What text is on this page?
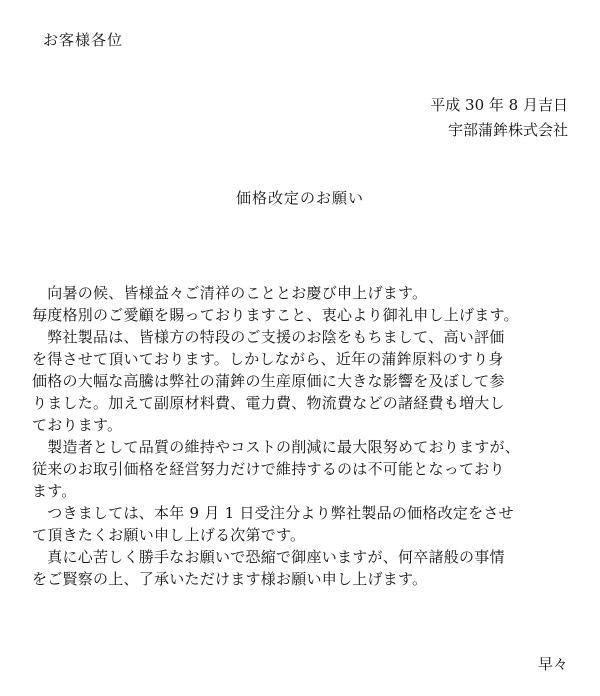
お客様各位
平成 30 年 8 月吉日
宇部蒲鉾株式会社
価格改定のお願い
　向暑の候、皆様益々ご清祥のこととお慶び申上げます。
毎度格別のご愛顧を賜っておりますこと、衷心より御礼申し上げます。
　弊社製品は、皆様方の特段のご支援のお陰をもちまして、高い評価
を得させて頂いております。しかしながら、近年の蒲鉾原料のすり身
価格の大幅な高騰は弊社の蒲鉾の生産原価に大きな影響を及ぼして参
りました。加えて副原材料費、電力費、物流費などの諸経費も増大し
ております。
　製造者として品質の維持やコストの削減に最大限努めておりますが、
従来のお取引価格を経営努力だけで維持するのは不可能となっており
ます。
　つきましては、本年 9 月 1 日受注分より弊社製品の価格改定をさせ
て頂きたくお願い申し上げる次第です。
　真に心苦しく勝手なお願いで恐縮で御座いますが、何卒諸般の事情
をご賢察の上、了承いただけます様お願い申し上げます。
早々
